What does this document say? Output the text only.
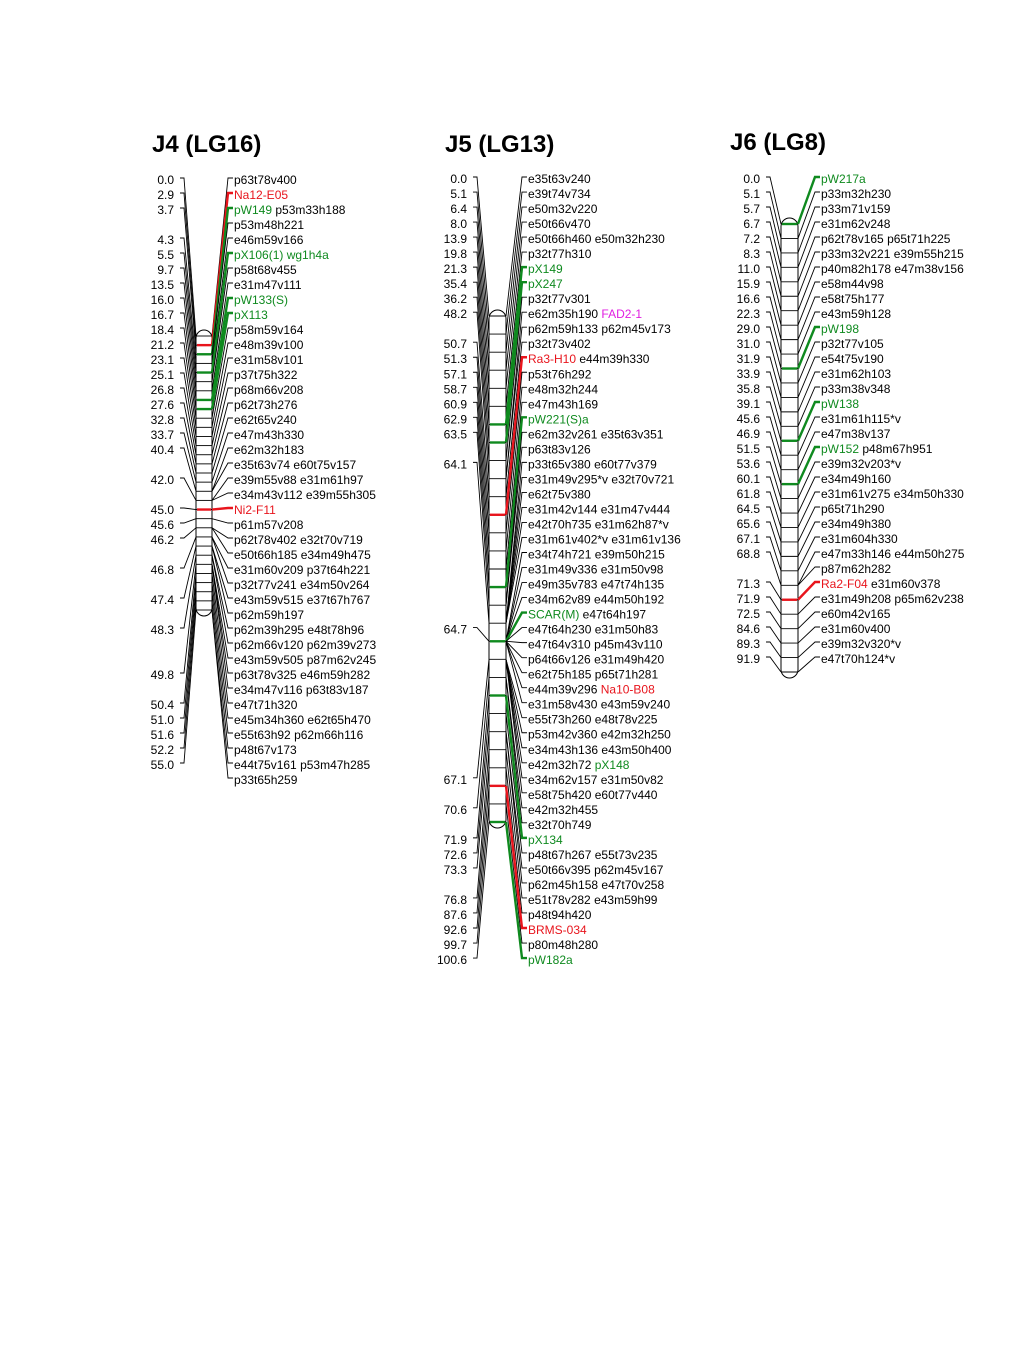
J4 (LG16)
0.0
2.9
3.7
4.3
5.5
9.7
13.5
16.0
16.7
18.4
21.2
23.1
25.1
26.8
27.6
32.8
33.7
40.4
42.0
45.0
45.6
46.2
46.8
47.4
48.3
49.8
50.4
51.0
51.6
52.2
55.0
p63t78v400
Na12-E05
pW149 p53m33h188
p53m48h221
e46m59v166
pX106(1) wg1h4a
p58t68v455
e31m47v111
pW133(S)
pX113
p58m59v164
e48m39v100
e31m58v101
p37t75h322
p68m66v208
p62t73h276
e62t65v240
e47m43h330
e62m32h183
e35t63v74 e60t75v157
e39m55v88 e31m61h97
e34m43v112 e39m55h305
Ni2-F11
p61m57v208
p62t78v402 e32t70v719
e50t66h185 e34m49h475
e31m60v209 p37t64h221
p32t77v241 e34m50v264
e43m59v515 e37t67h767
p62m59h197
p62m39h295 e48t78h96
p62m66v120 p62m39v273
e43m59v505 p87m62v245
p63t78v325 e46m59h282
e34m47v116 p63t83v187
e47t71h320
e45m34h360 e62t65h470
e55t63h92 p62m66h116
p48t67v173
e44t75v161 p53m47h285
p33t65h259
J5 (LG13)
0.0
5.1
6.4
8.0
13.9
19.8
21.3
35.4
36.2
48.2
50.7
51.3
57.1
58.7
60.9
62.9
63.5
64.1
64.7
67.1
70.6
71.9
72.6
73.3
76.8
87.6
92.6
99.7
100.6
e35t63v240
e39t74v734
e50m32v220
e50t66v470
e50t66h460 e50m32h230
p32t77h310
pX149
pX247
p32t77v301
e62m35h190 FAD2-1
p62m59h133 p62m45v173
p32t73v402
Ra3-H10 e44m39h330
p53t76h292
e48m32h244
e47m43h169
pW221(S)a
e62m32v261 e35t63v351
p63t83v126
p33t65v380 e60t77v379
e31m49v295*v e32t70v721
e62t75v380
e31m42v144 e31m47v444
e42t70h735 e31m62h87*v
e31m61v402*v e31m61v136
e34t74h721 e39m50h215
e31m49v336 e31m50v98
e49m35v783 e47t74h135
e34m62v89 e44m50h192
SCAR(M) e47t64h197
e47t64h230 e31m50h83
e47t64v310 p45m43v110
p64t66v126 e31m49h420
e62t75h185 p65t71h281
e44m39v296 Na10-B08
e31m58v430 e43m59v240
e55t73h260 e48t78v225
p53m42v360 e42m32h250
e34m43h136 e43m50h400
e42m32h72 pX148
e34m62v157 e31m50v82
e58t75h420 e60t77v440
e42m32h455
e32t70h749
pX134
p48t67h267 e55t73v235
e50t66v395 p62m45v167
p62m45h158 e47t70v258
e51t78v282 e43m59h99
p48t94h420
BRMS-034
p80m48h280
pW182a
J6 (LG8)
0.0
5.1
5.7
6.7
7.2
8.3
11.0
15.9
16.6
22.3
29.0
31.0
31.9
33.9
35.8
39.1
45.6
46.9
51.5
53.6
60.1
61.8
64.5
65.6
67.1
68.8
71.3
71.9
72.5
84.6
89.3
91.9
pW217a
p33m32h230
p33m71v159
e31m62v248
p62t78v165 p65t71h225
p33m32v221 e39m55h215
p40m82h178 e47m38v156
e58m44v98
e58t75h177
e43m59h128
pW198
p32t77v105
e54t75v190
e31m62h103
p33m38v348
pW138
e31m61h115*v
e47m38v137
pW152 p48m67h951
e39m32v203*v
e34m49h160
e31m61v275 e34m50h330
p65t71h290
e34m49h380
e31m604h330
e47m33h146 e44m50h275
p87m62h282
Ra2-F04 e31m60v378
e31m49h208 p65m62v238
e60m42v165
e31m60v400
e39m32v320*v
e47t70h124*v
